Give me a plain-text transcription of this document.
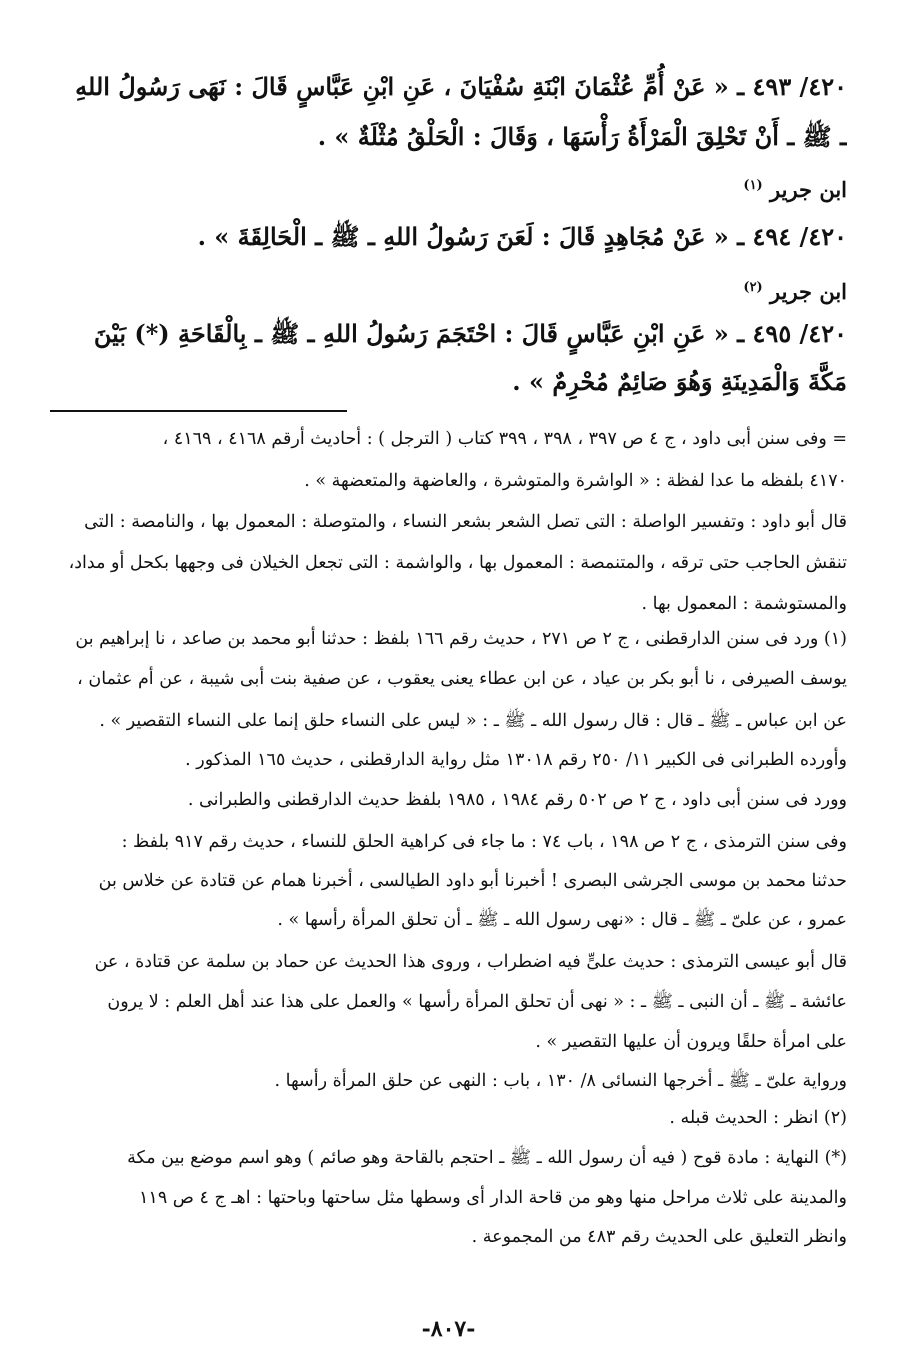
٤٢٠/ ٤٩٣ ـ « عَنْ أُمِّ عُثْمَانَ ابْنَةِ سُفْيَانَ ، عَنِ ابْنِ عَبَّاسٍ قَالَ : نَهَى رَسُولُ اللهِ
ـ ﷺ ـ أَنْ تَحْلِقَ الْمَرْأَةُ رَأْسَهَا ، وَقَالَ : الْحَلْقُ مُثْلَةٌ » .
ابن جرير $^{(١)}$
٤٢٠/ ٤٩٤ ـ « عَنْ مُجَاهِدٍ قَالَ : لَعَنَ رَسُولُ اللهِ ـ ﷺ ـ الْحَالِقَةَ » .
ابن جرير $^{(٢)}$
٤٢٠/ ٤٩٥ ـ « عَنِ ابْنِ عَبَّاسٍ قَالَ : احْتَجَمَ رَسُولُ اللهِ ـ ﷺ ـ بِالْقَاحَةِ (*) بَيْنَ
مَكَّةَ وَالْمَدِينَةِ وَهُوَ صَائِمٌ مُحْرِمٌ » .
= وفى سنن أبى داود ، ج ٤ ص ٣٩٧ ، ٣٩٨ ، ٣٩٩ كتاب ( الترجل ) : أحاديث أرقم ٤١٦٨ ، ٤١٦٩ ،
٤١٧٠ بلفظه ما عدا لفظة : « الواشرة والمتوشرة ، والعاضهة والمتعضهة » .
قال أبو داود : وتفسير الواصلة : التى تصل الشعر بشعر النساء ، والمتوصلة : المعمول بها ، والنامصة : التى
تنقش الحاجب حتى ترقه ، والمتنمصة : المعمول بها ، والواشمة : التى تجعل الخيلان فى وجهها بكحل أو مداد،
والمستوشمة : المعمول بها .
(١) ورد فى سنن الدارقطنى ، ج ٢ ص ٢٧١ ، حديث رقم ١٦٦ بلفظ : حدثنا أبو محمد بن صاعد ، نا إبراهيم بن
يوسف الصيرفى ، نا أبو بكر بن عياد ، عن ابن عطاء يعنى يعقوب ، عن صفية بنت أبى شيبة ، عن أم عثمان ،
عن ابن عباس ـ ﷺ ـ قال : قال رسول الله ـ ﷺ ـ : « ليس على النساء حلق إنما على النساء التقصير » .
وأورده الطبرانى فى الكبير ١١/ ٢٥٠ رقم ١٣٠١٨ مثل رواية الدارقطنى ، حديث ١٦٥ المذكور .
وورد فى سنن أبى داود ، ج ٢ ص ٥٠٢ رقم ١٩٨٤ ، ١٩٨٥ بلفظ حديث الدارقطنى والطبرانى .
وفى سنن الترمذى ، ج ٢ ص ١٩٨ ، باب ٧٤ : ما جاء فى كراهية الحلق للنساء ، حديث رقم ٩١٧ بلفظ :
حدثنا محمد بن موسى الجرشى البصرى ! أخبرنا أبو داود الطيالسى ، أخبرنا همام عن قتادة عن خلاس بن
عمرو ، عن علىّ ـ ﷺ ـ قال : «نهى رسول الله ـ ﷺ ـ أن تحلق المرأة رأسها » .
قال أبو عيسى الترمذى : حديث علىٍّ فيه اضطراب ، وروى هذا الحديث عن حماد بن سلمة عن قتادة ، عن
عائشة ـ ﷺ ـ أن النبى ـ ﷺ ـ : « نهى أن تحلق المرأة رأسها » والعمل على هذا عند أهل العلم : لا يرون
على امرأة حلقًا ويرون أن عليها التقصير » .
ورواية علىّ ـ ﷺ ـ أخرجها النسائى ٨/ ١٣٠ ، باب : النهى عن حلق المرأة رأسها .
(٢) انظر : الحديث قبله .
(*) النهاية : مادة قوح ( فيه أن رسول الله ـ ﷺ ـ احتجم بالقاحة وهو صائم ) وهو اسم موضع بين مكة
والمدينة على ثلاث مراحل منها وهو من قاحة الدار أى وسطها مثل ساحتها وباحتها : اهـ ج ٤ ص ١١٩
وانظر التعليق على الحديث رقم ٤٨٣ من المجموعة .
-٨٠٧-
